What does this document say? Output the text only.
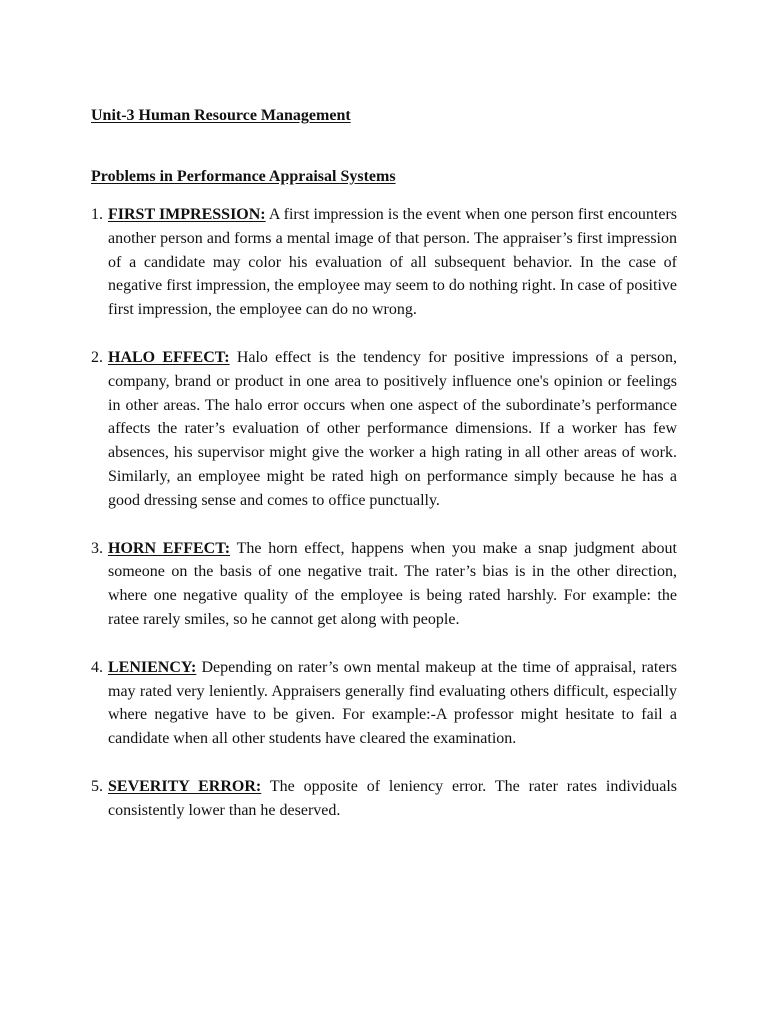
Unit-3 Human Resource Management
Problems in Performance Appraisal Systems
1. FIRST IMPRESSION: A first impression is the event when one person first encounters another person and forms a mental image of that person. The appraiser’s first impression of a candidate may color his evaluation of all subsequent behavior. In the case of negative first impression, the employee may seem to do nothing right. In case of positive first impression, the employee can do no wrong.
2. HALO EFFECT: Halo effect is the tendency for positive impressions of a person, company, brand or product in one area to positively influence one's opinion or feelings in other areas. The halo error occurs when one aspect of the subordinate’s performance affects the rater’s evaluation of other performance dimensions. If a worker has few absences, his supervisor might give the worker a high rating in all other areas of work. Similarly, an employee might be rated high on performance simply because he has a good dressing sense and comes to office punctually.
3. HORN EFFECT: The horn effect, happens when you make a snap judgment about someone on the basis of one negative trait. The rater’s bias is in the other direction, where one negative quality of the employee is being rated harshly. For example: the ratee rarely smiles, so he cannot get along with people.
4. LENIENCY: Depending on rater’s own mental makeup at the time of appraisal, raters may rated very leniently. Appraisers generally find evaluating others difficult, especially where negative have to be given. For example:-A professor might hesitate to fail a candidate when all other students have cleared the examination.
5. SEVERITY ERROR: The opposite of leniency error. The rater rates individuals consistently lower than he deserved.
